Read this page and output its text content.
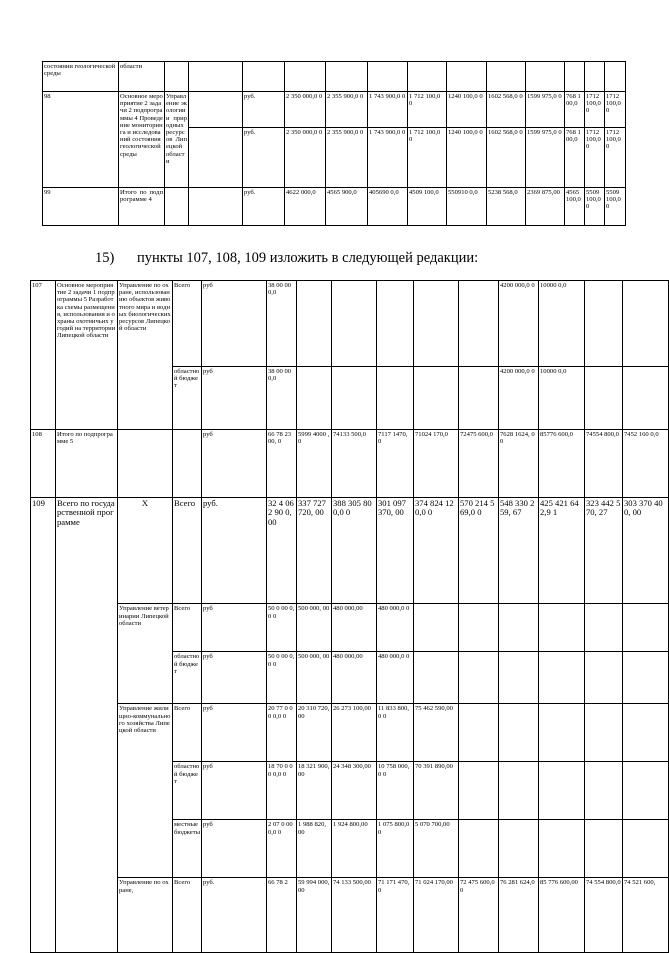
состоянии геологической среды	области													
98	Основное мероприятие 2 задачи 2 подпрограммы 4 Проведение мониторинга и исследований состояния геологической среды	Управление экологии и природных ресурсов Липецкой области		руб.	2 350 000,0 0	2 355 900,0 0	1 743 900,0 0	1 712 100,0 0	1240 100,0 0	1602 568,0 0	1599 975,0 0	768 100,0	1712 100,0 0	1712 100,0 0
				руб.	2 350 000,0 0	2 355 900,0 0	1 743 900,0 0	1 712 100,0 0	1240 100,0 0	1602 568,0 0	1599 975,0 0	768 100,0	1712 100,0 0	1712 100,0 0
99	Итого по подпрограмме 4			руб.	4622 000,0	4565 900,0	405690 0,0	4509 100,0	550910 0,0	5238 568,0	2369 875,00	4565 100,0	5509 100,00	5509 100,00
15) пункты 107, 108, 109 изложить в следующей редакции:
107	Основное мероприятие 2 задачи 1 подпрограммы 5 Разработка схемы размещения, использования и охраны охотничьих угодий на территории Липецкой области	Управление по охране, использованию объектов животного мира и водных биологических ресурсов Липецкой области	Всего	руб	38 00 00 0,0						4200 000,0 0	10000 0,0			
			областной бюджет	руб	38 00 00 0,0						4200 000,0 0	10000 0,0			
108	Итого по подпрограмме 5			руб	66 78 23 00, 0	5999 4000 ,0	74133 500,0	7117 1470, 0	71024 170,0	72475 600,0	7628 1624, 00	85776 600,0	74554 800,0	7452 160 0,0	
109	Всего по государственной программе	X	Всего	руб.	32 4 06 2 90 0, 00	337 727 720, 00	388 305 800,0 0	301 097 370, 00	374 824 120,0 0	570 214 569,0 0	548 330 259, 67	425 421 642,9 1	323 442 570, 27	303 370 400, 00	
		Управление ветеринарии Липецкой области	Всего	руб	50 0 00 0,0 0	500 000, 00	480 000,00	480 000,0 0							
			областной бюджет	руб	50 0 00 0,0 0	500 000, 00	480 000,00	480 000,0 0							
		Управление жилищно-коммунального хозяйства Липецкой области	Всего	руб	20 77 0 00 0,0 0	20 310 720, 00	26 273 100,00	11 833 800,0 0	75 462 590,00						
			областной бюджет	руб	18 70 0 00 0,0 0	18 321 900, 00	24 348 300,00	10 758 000,0 0	70 391 890,00						
			местные бюджеты	руб	2 07 0 00 0,0 0	1 988 820, 00	1 924 800,00	1 075 800,0 0	5 070 700,00						
		Управление по охране,	Всего	руб.	66 78 2	59 994 000,00	74 133 500,00	71 171 470,0	71 024 170,00	72 475 600,00	76 281 624,0	85 776 600,00	74 554 800,0	74 521 600,	
